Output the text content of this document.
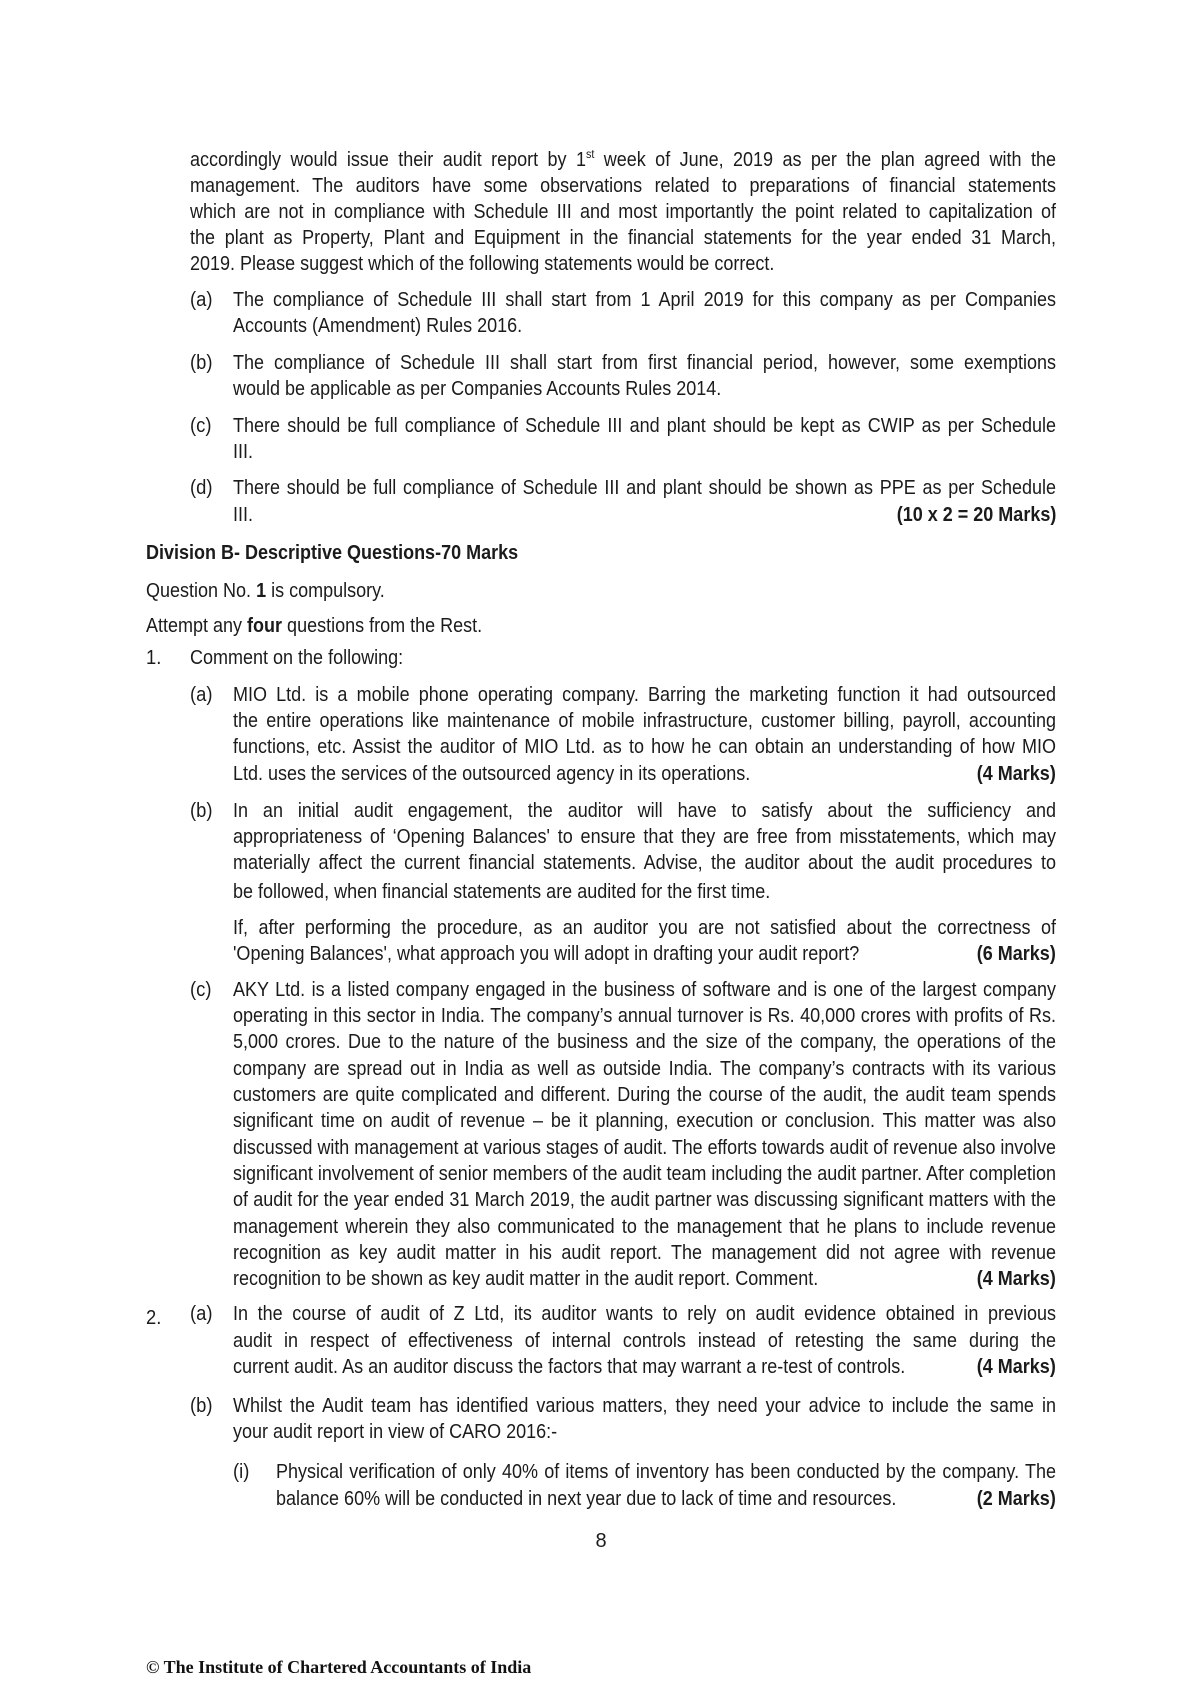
accordingly would issue their audit report by 1st week of June, 2019 as per the plan agreed with the
management. The auditors have some observations related to preparations of financial statements
which are not in compliance with Schedule III and most importantly the point related to capitalization of
the plant as Property, Plant and Equipment in the financial statements for the year ended 31 March,
2019. Please suggest which of the following statements would be correct.
(a) The compliance of Schedule III shall start from 1 April 2019 for this company as per Companies
Accounts (Amendment) Rules 2016.
(b) The compliance of Schedule III shall start from first financial period, however, some exemptions
would be applicable as per Companies Accounts Rules 2014.
(c) There should be full compliance of Schedule III and plant should be kept as CWIP as per Schedule
III.
(d) There should be full compliance of Schedule III and plant should be shown as PPE as per Schedule
III.	(10 x 2 = 20 Marks)
Division B- Descriptive Questions-70 Marks
Question No. 1 is compulsory.
Attempt any four questions from the Rest.
1. Comment on the following:
(a) MIO Ltd. is a mobile phone operating company. Barring the marketing function it had outsourced
the entire operations like maintenance of mobile infrastructure, customer billing, payroll, accounting
functions, etc. Assist the auditor of MIO Ltd. as to how he can obtain an understanding of how MIO
Ltd. uses the services of the outsourced agency in its operations.	(4 Marks)
(b) In an initial audit engagement, the auditor will have to satisfy about the sufficiency and
appropriateness of ‘Opening Balances' to ensure that they are free from misstatements, which may
materially affect the current financial statements. Advise, the auditor about the audit procedures to
be followed, when financial statements are audited for the first time.
If, after performing the procedure, as an auditor you are not satisfied about the correctness of
'Opening Balances', what approach you will adopt in drafting your audit report?	(6 Marks)
(c) AKY Ltd. is a listed company engaged in the business of software and is one of the largest company
operating in this sector in India. The company’s annual turnover is Rs. 40,000 crores with profits of Rs.
5,000 crores. Due to the nature of the business and the size of the company, the operations of the
company are spread out in India as well as outside India. The company’s contracts with its various
customers are quite complicated and different. During the course of the audit, the audit team spends
significant time on audit of revenue – be it planning, execution or conclusion. This matter was also
discussed with management at various stages of audit. The efforts towards audit of revenue also involve
significant involvement of senior members of the audit team including the audit partner. After completion
of audit for the year ended 31 March 2019, the audit partner was discussing significant matters with the
management wherein they also communicated to the management that he plans to include revenue
recognition as key audit matter in his audit report. The management did not agree with revenue
recognition to be shown as key audit matter in the audit report. Comment.	(4 Marks)
2. (a) In the course of audit of Z Ltd, its auditor wants to rely on audit evidence obtained in previous
audit in respect of effectiveness of internal controls instead of retesting the same during the
current audit. As an auditor discuss the factors that may warrant a re-test of controls.	(4 Marks)
(b) Whilst the Audit team has identified various matters, they need your advice to include the same in
your audit report in view of CARO 2016:-
(i) Physical verification of only 40% of items of inventory has been conducted by the company. The
balance 60% will be conducted in next year due to lack of time and resources.	(2 Marks)
8
© The Institute of Chartered Accountants of India
